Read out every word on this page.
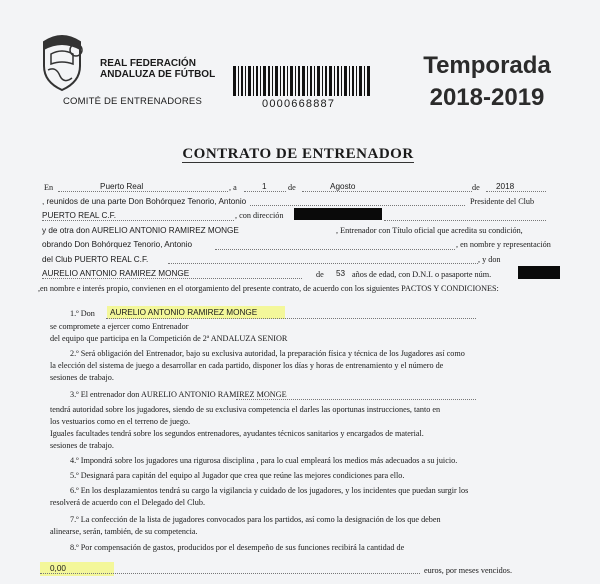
REAL FEDERACIÓN
ANDALUZA DE FÚTBOL
COMITÉ DE ENTRENADORES	0000668887
Temporada
2018-2019
CONTRATO DE ENTRENADOR
En	Puerto Real	, a	1	de	Agosto	de 2018
, reunidos de una parte Don Bohórquez Tenorio, Antonio	Presidente del Club
PUERTO REAL C.F.	, con dirección
y de otra don AURELIO ANTONIO RAMIREZ MONGE	, Entrenador con Título oficial que acredita su condición,
obrando Don Bohórquez Tenorio, Antonio	, en nombre y representación
del Club PUERTO REAL C.F.	, y don
AURELIO ANTONIO RAMIREZ MONGE	de 53 años de edad, con D.N.I. o pasaporte núm.
,en nombre e interés propio, convienen en el otorgamiento del presente contrato, de acuerdo con los siguientes PACTOS Y CONDICIONES:
1.º Don AURELIO ANTONIO RAMIREZ MONGE
se compromete a ejercer como Entrenador
del equipo que participa en la Competición de 2ª ANDALUZA SENIOR
2.º Será obligación del Entrenador, bajo su exclusiva autoridad, la preparación física y técnica de los Jugadores así como
la elección del sistema de juego a desarrollar en cada partido, disponer los días y horas de entrenamiento y el número de
sesiones de trabajo.
3.º El entrenador don AURELIO ANTONIO RAMIREZ MONGE
tendrá autoridad sobre los jugadores, siendo de su exclusiva competencia el darles las oportunas instrucciones, tanto en
los vestuarios como en el terreno de juego.
Iguales facultades tendrá sobre los segundos entrenadores, ayudantes técnicos sanitarios y encargados de material.
sesiones de trabajo.
4.º Impondrá sobre los jugadores una rigurosa disciplina , para lo cual empleará los medios más adecuados a su juicio.
5.º Designará para capitán del equipo al Jugador que crea que reúne las mejores condiciones para ello.
6.º En los desplazamientos tendrá su cargo la vigilancia y cuidado de los jugadores, y los incidentes que puedan surgir los
resolverá de acuerdo con el Delegado del Club.
7.º La confección de la lista de jugadores convocados para los partidos, así como la designación de los que deben
alinearse, serán, también, de su competencia.
8.º Por compensación de gastos, producidos por el desempeño de sus funciones recibirá la cantidad de
0,00	euros, por meses vencidos.
